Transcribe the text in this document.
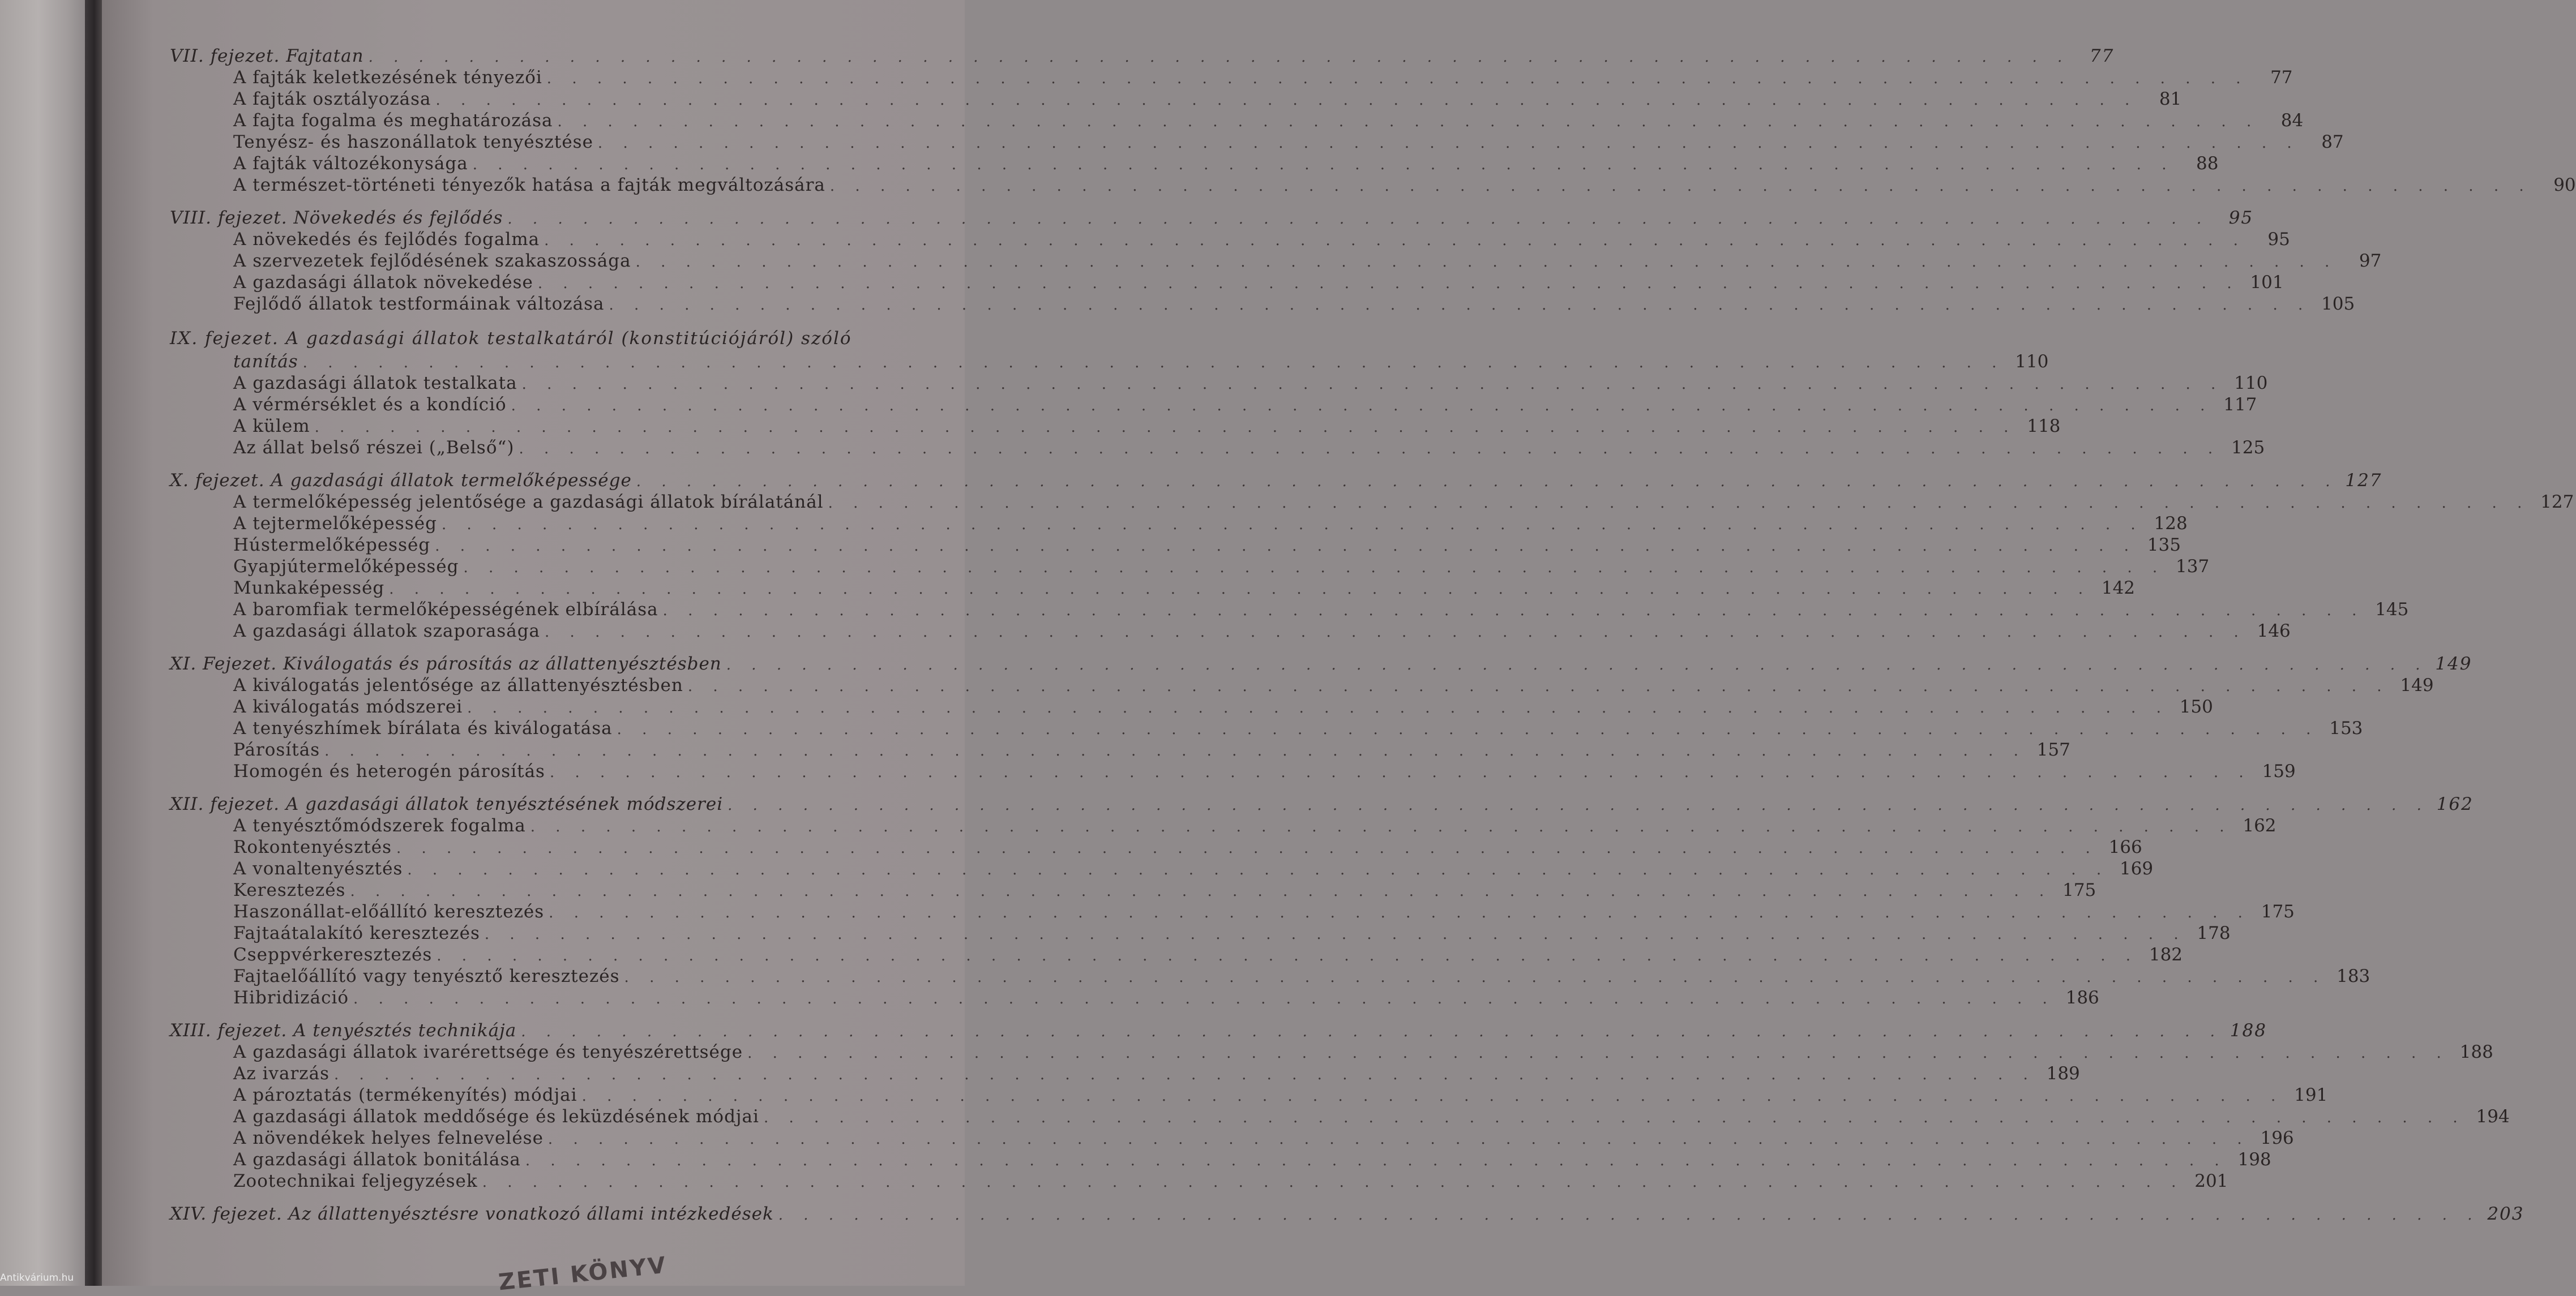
VII. fejezet. Fajtatan . . . . . . . . . . . . . . . . . . . . . . . . . . . . . . . . . . . . . . . . . . . . . . . . . . . . . . . . . . . . . . . . . . . .	77
A fajták keletkezésének tényezői . . . . . . . . . . . . . . . . . . . . . . . . . . . . . . . . . . . . . . . . . . . . . . . . . . . . . . . . . . . . . . . . . . . .	77
A fajták osztályozása . . . . . . . . . . . . . . . . . . . . . . . . . . . . . . . . . . . . . . . . . . . . . . . . . . . . . . . . . . . . . . . . . . . .	81
A fajta fogalma és meghatározása . . . . . . . . . . . . . . . . . . . . . . . . . . . . . . . . . . . . . . . . . . . . . . . . . . . . . . . . . . . . . . . . . . . .	84
Tenyész- és haszonállatok tenyésztése . . . . . . . . . . . . . . . . . . . . . . . . . . . . . . . . . . . . . . . . . . . . . . . . . . . . . . . . . . . . . . . . . . . .	87
A fajták változékonysága . . . . . . . . . . . . . . . . . . . . . . . . . . . . . . . . . . . . . . . . . . . . . . . . . . . . . . . . . . . . . . . . . . . .	88
A természet-történeti tényezők hatása a fajták megváltozására . . . . . . . . . . . . . . . . . . . . . . . . . . . . . . . . . . . . . . . . . . . . . . . . . . . . . . . . . . . . . . . . . . . .	90
VIII. fejezet. Növekedés és fejlődés . . . . . . . . . . . . . . . . . . . . . . . . . . . . . . . . . . . . . . . . . . . . . . . . . . . . . . . . . . . . . . . . . . . .	95
A növekedés és fejlődés fogalma . . . . . . . . . . . . . . . . . . . . . . . . . . . . . . . . . . . . . . . . . . . . . . . . . . . . . . . . . . . . . . . . . . . .	95
A szervezetek fejlődésének szakaszossága . . . . . . . . . . . . . . . . . . . . . . . . . . . . . . . . . . . . . . . . . . . . . . . . . . . . . . . . . . . . . . . . . . . .	97
A gazdasági állatok növekedése . . . . . . . . . . . . . . . . . . . . . . . . . . . . . . . . . . . . . . . . . . . . . . . . . . . . . . . . . . . . . . . . . . . . 101
Fejlődő állatok testformáinak változása . . . . . . . . . . . . . . . . . . . . . . . . . . . . . . . . . . . . . . . . . . . . . . . . . . . . . . . . . . . . . . . . . . . . 105
IX. fejezet. A gazdasági állatok testalkatáról (konstitúciójáról) szóló
tanítás . . . . . . . . . . . . . . . . . . . . . . . . . . . . . . . . . . . . . . . . . . . . . . . . . . . . . . . . . . . . . . . . . . . . 110
A gazdasági állatok testalkata . . . . . . . . . . . . . . . . . . . . . . . . . . . . . . . . . . . . . . . . . . . . . . . . . . . . . . . . . . . . . . . . . . . . 110
A vérmérséklet és a kondíció . . . . . . . . . . . . . . . . . . . . . . . . . . . . . . . . . . . . . . . . . . . . . . . . . . . . . . . . . . . . . . . . . . . . 117
A külem . . . . . . . . . . . . . . . . . . . . . . . . . . . . . . . . . . . . . . . . . . . . . . . . . . . . . . . . . . . . . . . . . . . . 118
Az állat belső részei („Belső“) . . . . . . . . . . . . . . . . . . . . . . . . . . . . . . . . . . . . . . . . . . . . . . . . . . . . . . . . . . . . . . . . . . . . 125
X. fejezet. A gazdasági állatok termelőképessége . . . . . . . . . . . . . . . . . . . . . . . . . . . . . . . . . . . . . . . . . . . . . . . . . . . . . . . . . . . . . . . . . . . . 127
A termelőképesség jelentősége a gazdasági állatok bírálatánál . . . . . . . . . . . . . . . . . . . . . . . . . . . . . . . . . . . . . . . . . . . . . . . . . . . . . . . . . . . . . . . . . . . . 127
A tejtermelőképesség . . . . . . . . . . . . . . . . . . . . . . . . . . . . . . . . . . . . . . . . . . . . . . . . . . . . . . . . . . . . . . . . . . . . 128
Hústermelőképesség . . . . . . . . . . . . . . . . . . . . . . . . . . . . . . . . . . . . . . . . . . . . . . . . . . . . . . . . . . . . . . . . . . . . 135
Gyapjútermelőképesség . . . . . . . . . . . . . . . . . . . . . . . . . . . . . . . . . . . . . . . . . . . . . . . . . . . . . . . . . . . . . . . . . . . . 137
Munkaképesség . . . . . . . . . . . . . . . . . . . . . . . . . . . . . . . . . . . . . . . . . . . . . . . . . . . . . . . . . . . . . . . . . . . . 142
A baromfiak termelőképességének elbírálása . . . . . . . . . . . . . . . . . . . . . . . . . . . . . . . . . . . . . . . . . . . . . . . . . . . . . . . . . . . . . . . . . . . . 145
A gazdasági állatok szaporasága . . . . . . . . . . . . . . . . . . . . . . . . . . . . . . . . . . . . . . . . . . . . . . . . . . . . . . . . . . . . . . . . . . . . 146
XI. Fejezet. Kiválogatás és párosítás az állattenyésztésben . . . . . . . . . . . . . . . . . . . . . . . . . . . . . . . . . . . . . . . . . . . . . . . . . . . . . . . . . . . . . . . . . . . . 149
A kiválogatás jelentősége az állattenyésztésben . . . . . . . . . . . . . . . . . . . . . . . . . . . . . . . . . . . . . . . . . . . . . . . . . . . . . . . . . . . . . . . . . . . . 149
A kiválogatás módszerei . . . . . . . . . . . . . . . . . . . . . . . . . . . . . . . . . . . . . . . . . . . . . . . . . . . . . . . . . . . . . . . . . . . . 150
A tenyészhímek bírálata és kiválogatása . . . . . . . . . . . . . . . . . . . . . . . . . . . . . . . . . . . . . . . . . . . . . . . . . . . . . . . . . . . . . . . . . . . . 153
Párosítás . . . . . . . . . . . . . . . . . . . . . . . . . . . . . . . . . . . . . . . . . . . . . . . . . . . . . . . . . . . . . . . . . . . . 157
Homogén és heterogén párosítás . . . . . . . . . . . . . . . . . . . . . . . . . . . . . . . . . . . . . . . . . . . . . . . . . . . . . . . . . . . . . . . . . . . . 159
XII. fejezet. A gazdasági állatok tenyésztésének módszerei . . . . . . . . . . . . . . . . . . . . . . . . . . . . . . . . . . . . . . . . . . . . . . . . . . . . . . . . . . . . . . . . . . . . 162
A tenyésztőmódszerek fogalma . . . . . . . . . . . . . . . . . . . . . . . . . . . . . . . . . . . . . . . . . . . . . . . . . . . . . . . . . . . . . . . . . . . . 162
Rokontenyésztés . . . . . . . . . . . . . . . . . . . . . . . . . . . . . . . . . . . . . . . . . . . . . . . . . . . . . . . . . . . . . . . . . . . . 166
A vonaltenyésztés . . . . . . . . . . . . . . . . . . . . . . . . . . . . . . . . . . . . . . . . . . . . . . . . . . . . . . . . . . . . . . . . . . . . 169
Keresztezés . . . . . . . . . . . . . . . . . . . . . . . . . . . . . . . . . . . . . . . . . . . . . . . . . . . . . . . . . . . . . . . . . . . . 175
Haszonállat-előállító keresztezés . . . . . . . . . . . . . . . . . . . . . . . . . . . . . . . . . . . . . . . . . . . . . . . . . . . . . . . . . . . . . . . . . . . . 175
Fajtaátalakító keresztezés . . . . . . . . . . . . . . . . . . . . . . . . . . . . . . . . . . . . . . . . . . . . . . . . . . . . . . . . . . . . . . . . . . . . 178
Cseppvérkeresztezés . . . . . . . . . . . . . . . . . . . . . . . . . . . . . . . . . . . . . . . . . . . . . . . . . . . . . . . . . . . . . . . . . . . . 182
Fajtaelőállító vagy tenyésztő keresztezés . . . . . . . . . . . . . . . . . . . . . . . . . . . . . . . . . . . . . . . . . . . . . . . . . . . . . . . . . . . . . . . . . . . . 183
Hibridizáció . . . . . . . . . . . . . . . . . . . . . . . . . . . . . . . . . . . . . . . . . . . . . . . . . . . . . . . . . . . . . . . . . . . . 186
XIII. fejezet. A tenyésztés technikája . . . . . . . . . . . . . . . . . . . . . . . . . . . . . . . . . . . . . . . . . . . . . . . . . . . . . . . . . . . . . . . . . . . . 188
A gazdasági állatok ivarérettsége és tenyészérettsége . . . . . . . . . . . . . . . . . . . . . . . . . . . . . . . . . . . . . . . . . . . . . . . . . . . . . . . . . . . . . . . . . . . . 188
Az ivarzás . . . . . . . . . . . . . . . . . . . . . . . . . . . . . . . . . . . . . . . . . . . . . . . . . . . . . . . . . . . . . . . . . . . . 189
A pároztatás (termékenyítés) módjai . . . . . . . . . . . . . . . . . . . . . . . . . . . . . . . . . . . . . . . . . . . . . . . . . . . . . . . . . . . . . . . . . . . . 191
A gazdasági állatok meddősége és leküzdésének módjai . . . . . . . . . . . . . . . . . . . . . . . . . . . . . . . . . . . . . . . . . . . . . . . . . . . . . . . . . . . . . . . . . . . . 194
A növendékek helyes felnevelése . . . . . . . . . . . . . . . . . . . . . . . . . . . . . . . . . . . . . . . . . . . . . . . . . . . . . . . . . . . . . . . . . . . . 196
A gazdasági állatok bonitálása . . . . . . . . . . . . . . . . . . . . . . . . . . . . . . . . . . . . . . . . . . . . . . . . . . . . . . . . . . . . . . . . . . . . 198
Zootechnikai feljegyzések . . . . . . . . . . . . . . . . . . . . . . . . . . . . . . . . . . . . . . . . . . . . . . . . . . . . . . . . . . . . . . . . . . . . 201
XIV. fejezet. Az állattenyésztésre vonatkozó állami intézkedések . . . . . . . . . . . . . . . . . . . . . . . . . . . . . . . . . . . . . . . . . . . . . . . . . . . . . . . . . . . . . . . . . . . . 203
ZETI KÖNYV
Antikvárium.hu
